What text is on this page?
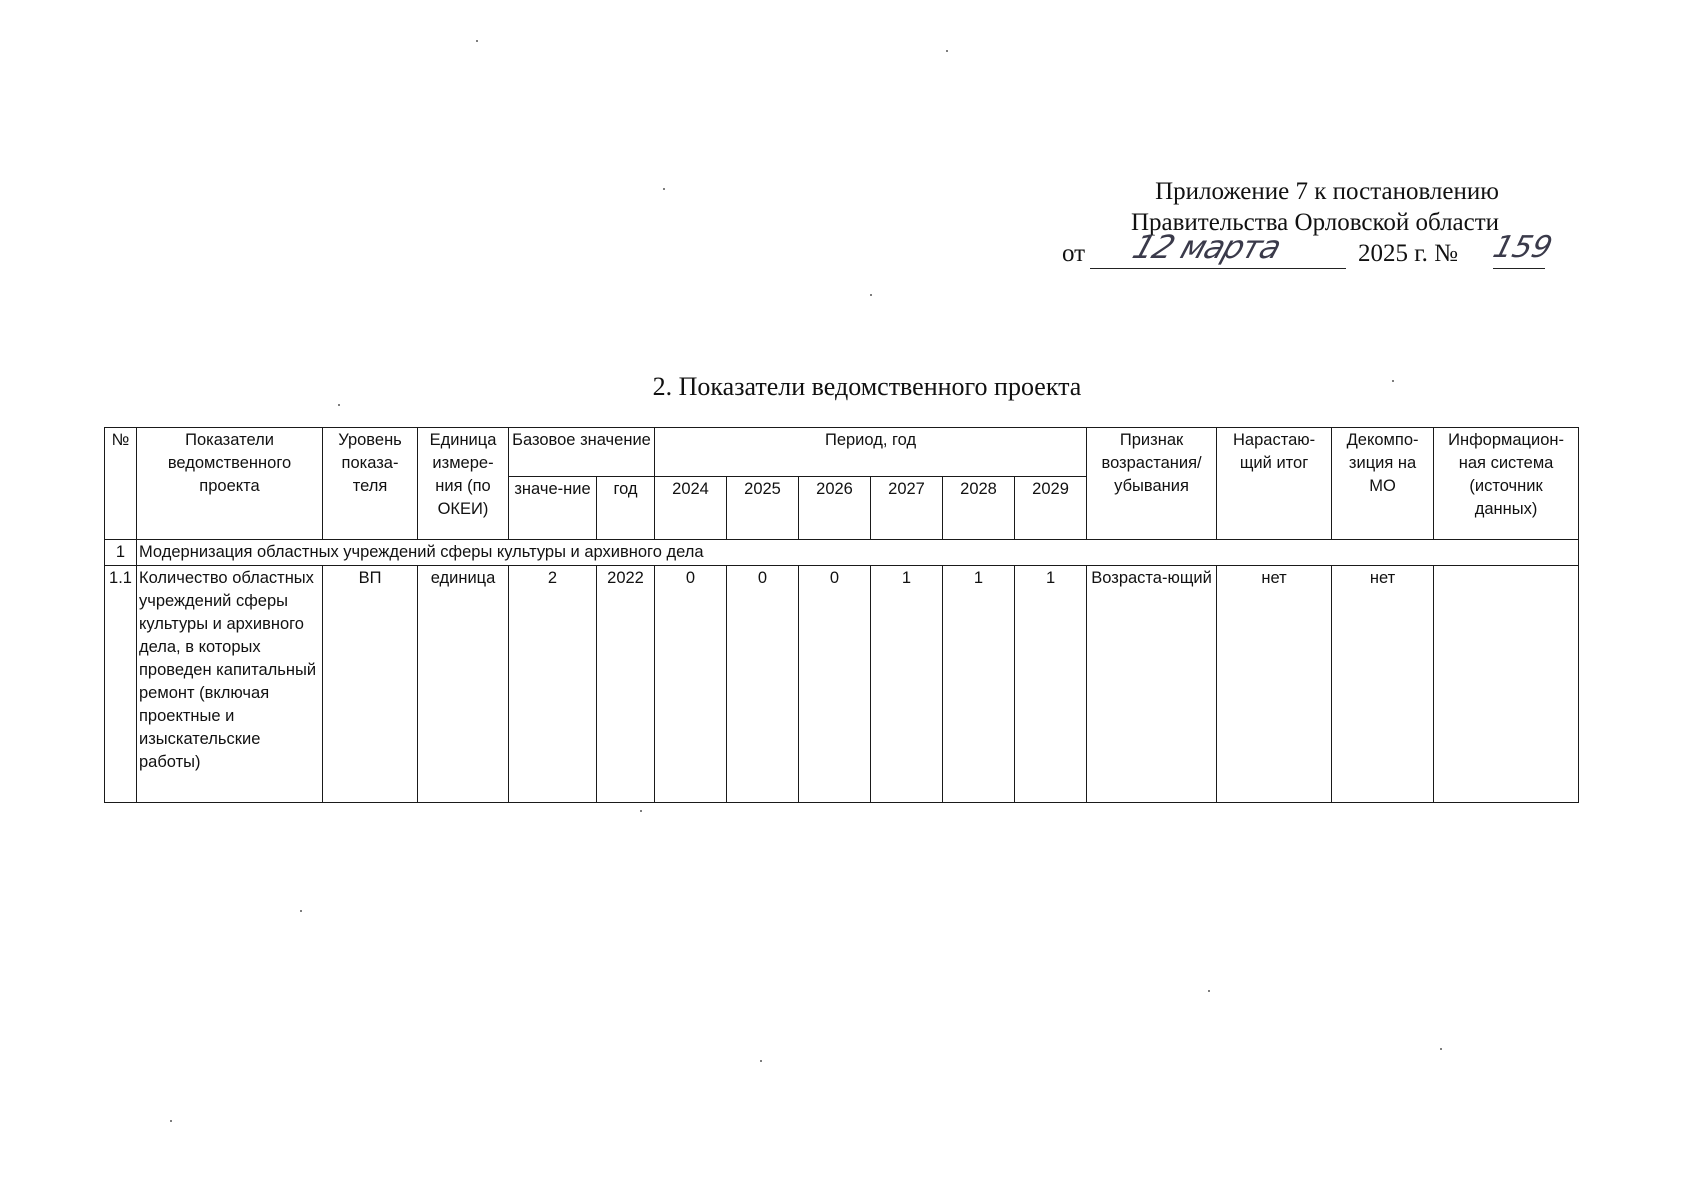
Приложение 7 к постановлению
Правительства Орловской области
от 12 марта	2025 г. № 159
2. Показатели ведомственного проекта
№	Показатели ведомственного проекта	Уровень показа-теля	Единица измере-ния (по ОКЕИ)	Базовое значение		Период, год						Признак возрастания/ убывания	Нарастаю-щий итог	Декомпо-зиция на МО	Информацион-ная система (источник данных)
				значе-ние	год	2024	2025	2026	2027	2028	2029				
1	Модернизация областных учреждений сферы культуры и архивного дела														
1.1	Количество областных учреждений сферы культуры и архивного дела, в которых проведен капитальный ремонт (включая проектные и изыскательские работы)	ВП	единица	2	2022	0	0	0	1	1	1	Возраста-ющий	нет	нет	
